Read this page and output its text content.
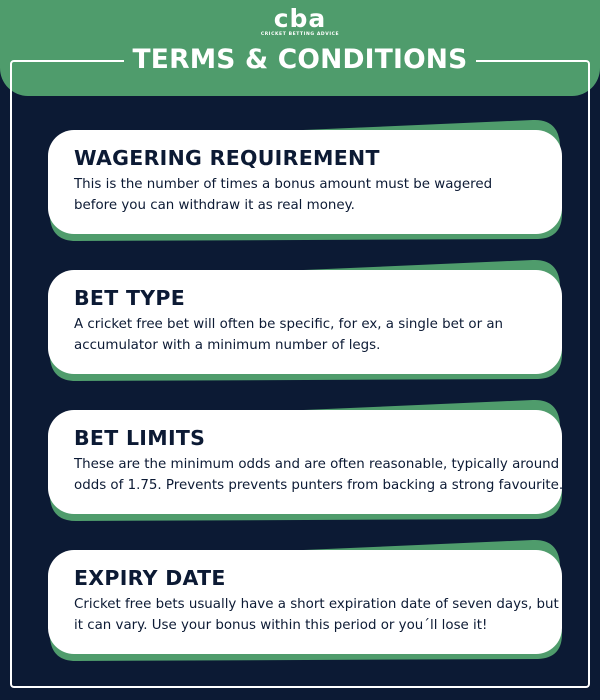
cba
CRICKET BETTING ADVICE
TERMS & CONDITIONS
WAGERING REQUIREMENT
This is the number of times a bonus amount must be wagered
before you can withdraw it as real money.
BET TYPE
A cricket free bet will often be specific, for ex, a single bet or an
accumulator with a minimum number of legs.
BET LIMITS
These are the minimum odds and are often reasonable, typically around
odds of 1.75. Prevents prevents punters from backing a strong favourite.
EXPIRY DATE
Cricket free bets usually have a short expiration date of seven days, but
it can vary. Use your bonus within this period or you´ll lose it!
